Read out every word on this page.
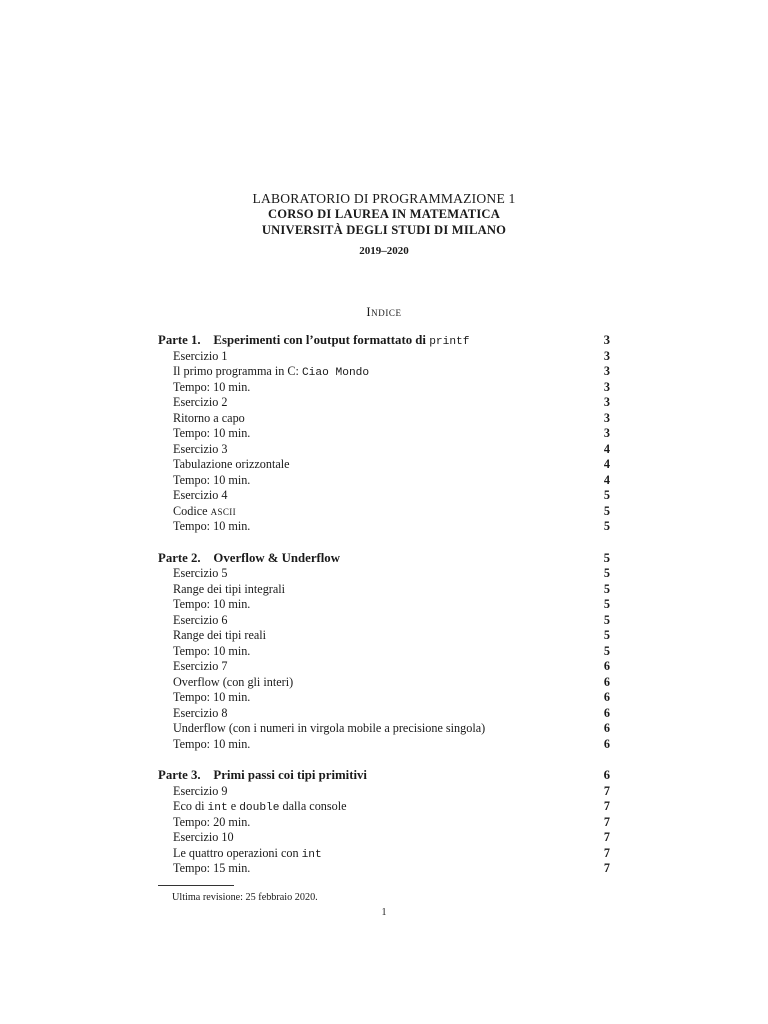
LABORATORIO DI PROGRAMMAZIONE 1
CORSO DI LAUREA IN MATEMATICA
UNIVERSITÀ DEGLI STUDI DI MILANO
2019–2020
Indice
Parte 1. Esperimenti con l’output formattato di printf	3
Esercizio 1	3
Il primo programma in C: Ciao Mondo	3
Tempo: 10 min.	3
Esercizio 2	3
Ritorno a capo	3
Tempo: 10 min.	3
Esercizio 3	4
Tabulazione orizzontale	4
Tempo: 10 min.	4
Esercizio 4	5
Codice ascii	5
Tempo: 10 min.	5
Parte 2. Overflow & Underflow	5
Esercizio 5	5
Range dei tipi integrali	5
Tempo: 10 min.	5
Esercizio 6	5
Range dei tipi reali	5
Tempo: 10 min.	5
Esercizio 7	6
Overflow (con gli interi)	6
Tempo: 10 min.	6
Esercizio 8	6
Underflow (con i numeri in virgola mobile a precisione singola)	6
Tempo: 10 min.	6
Parte 3. Primi passi coi tipi primitivi	6
Esercizio 9	7
Eco di int e double dalla console	7
Tempo: 20 min.	7
Esercizio 10	7
Le quattro operazioni con int	7
Tempo: 15 min.	7
Ultima revisione: 25 febbraio 2020.
1
